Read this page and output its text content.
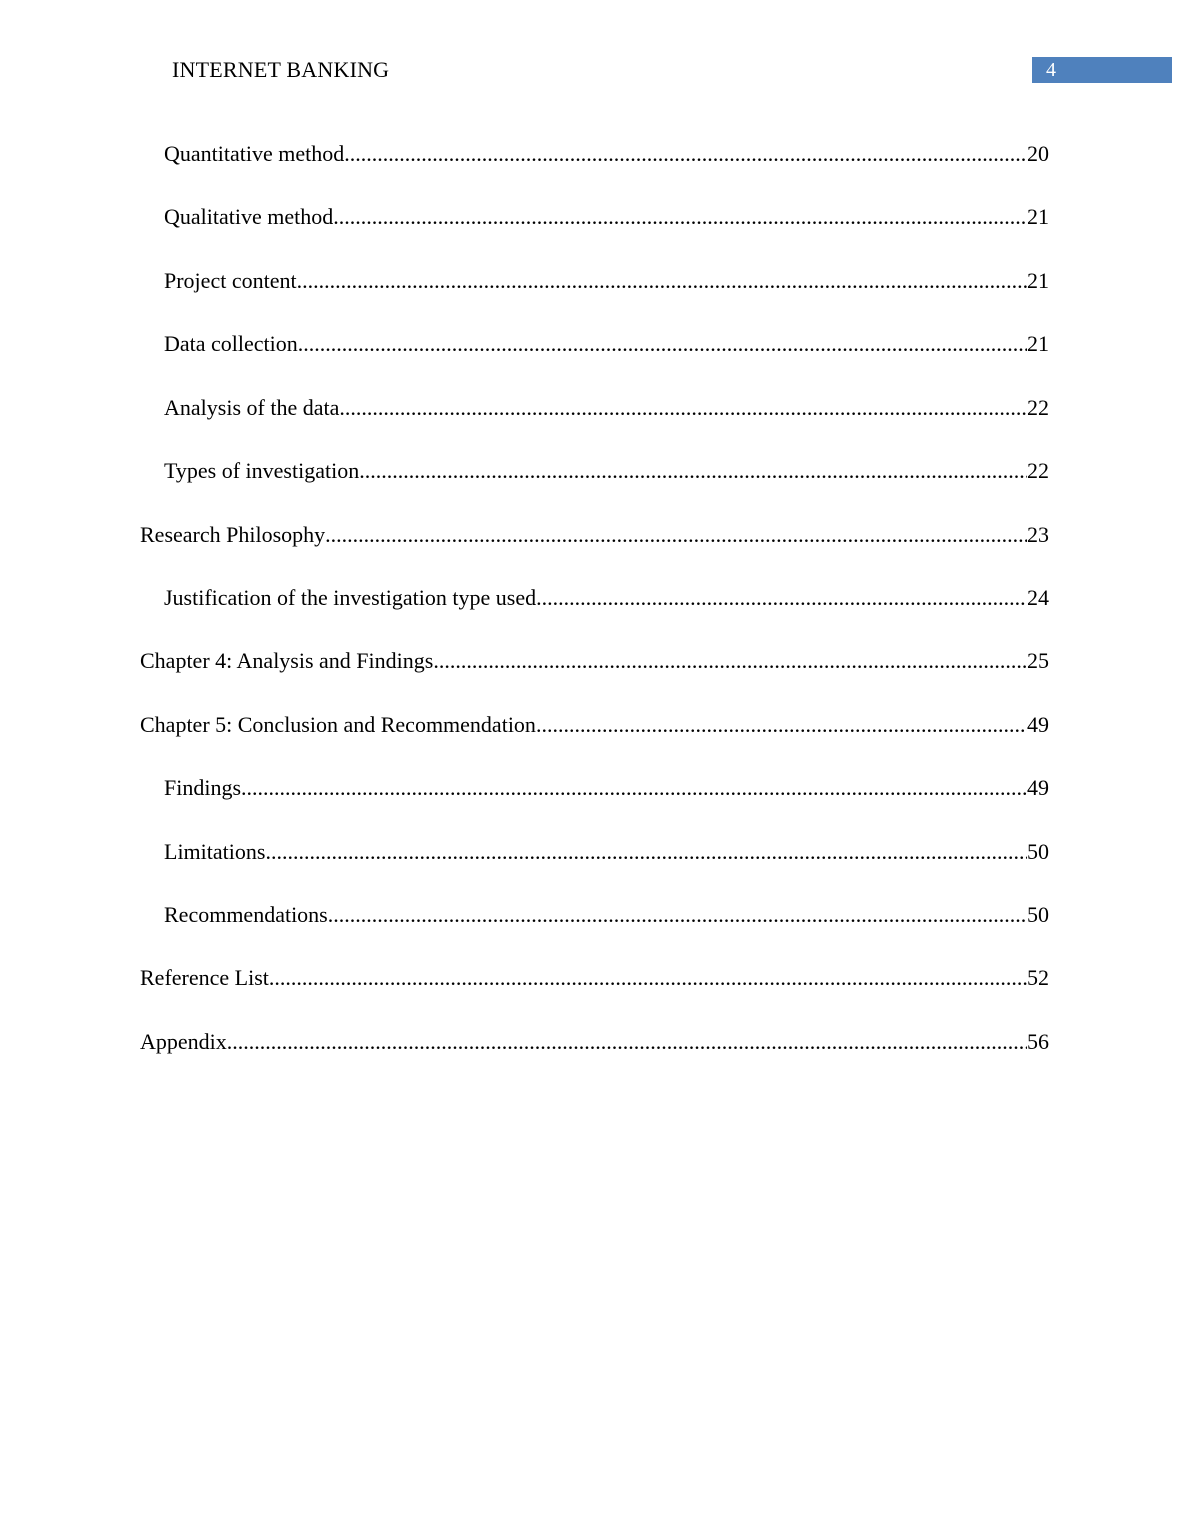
INTERNET BANKING	4
Quantitative method .....	20
Qualitative method .....	21
Project content .....	21
Data collection .....	21
Analysis of the data .....	22
Types of investigation .....	22
Research Philosophy .....	23
Justification of the investigation type used .....	24
Chapter 4: Analysis and Findings .....	25
Chapter 5: Conclusion and Recommendation .....	49
Findings .....	49
Limitations .....	50
Recommendations .....	50
Reference List .....	52
Appendix .....	56
